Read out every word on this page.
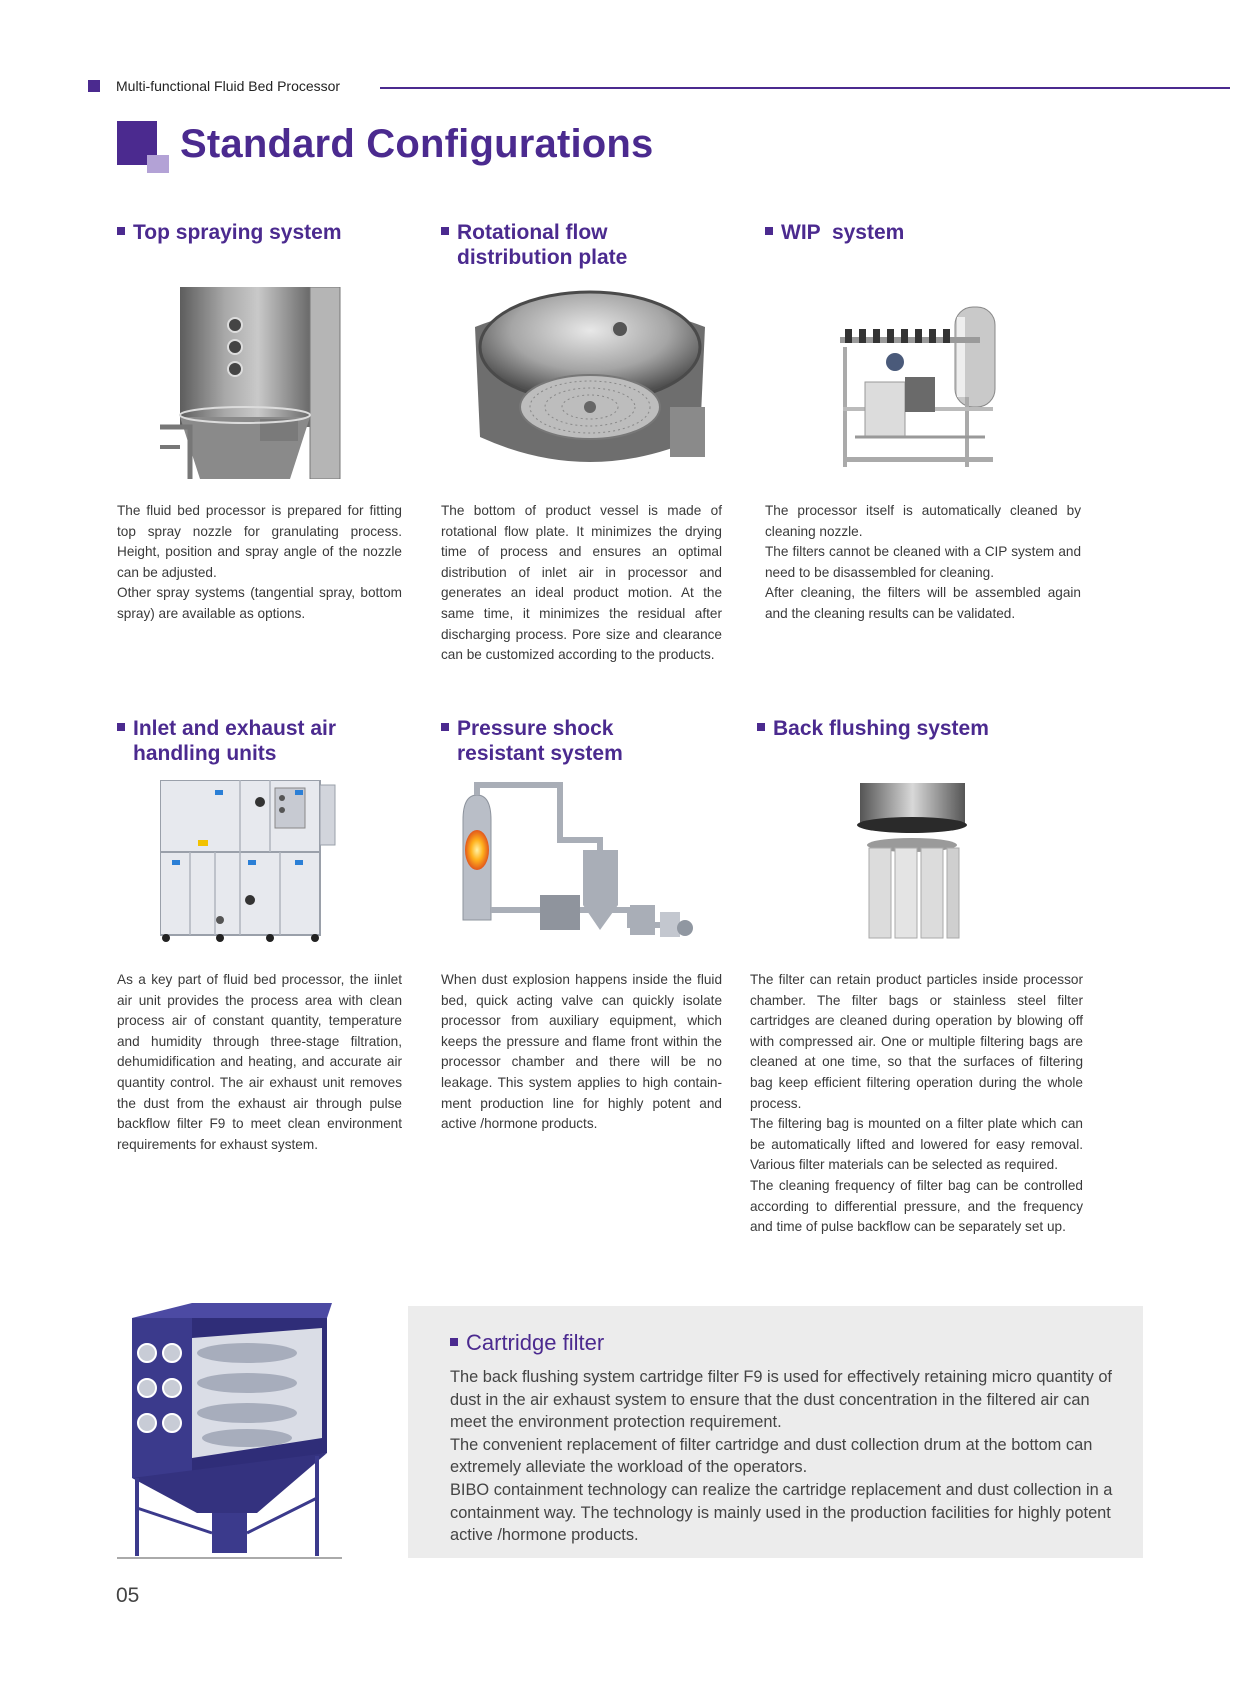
Multi-functional Fluid Bed Processor
Standard Configurations
Top spraying system

The fluid bed processor is prepared for fitting top spray nozzle for granulating process. Height, position and spray angle of the nozzle can be adjusted.

Other spray systems (tangential spray, bottom spray) are available as options.

Rotational flow
distribution plate

The bottom of product vessel is made of rotational flow plate. It minimizes the drying time of process and ensures an optimal distribution of inlet air in processor and generates an ideal product motion. At the same time, it minimizes the residual after discharging process. Pore size and clearance can be customized according to the products.

WIP  system

The processor itself is automatically cleaned by cleaning nozzle.

The filters cannot be cleaned with a CIP system and need to be disassembled for cleaning.

After cleaning, the filters will be assembled again and the cleaning results can be validated.

Inlet and exhaust air
handling units

As a key part of fluid bed processor, the iinlet air unit provides the process area with clean process air of constant quantity, temperature and humidity through three-stage filtration, dehumidification and heating, and accurate air quantity control. The air exhaust unit removes the dust from the exhaust air through pulse backflow filter F9 to meet clean environment requirements for exhaust system.

Pressure shock
resistant system

When dust explosion happens inside the fluid bed, quick acting valve can quickly isolate processor from auxiliary equipment, which keeps the pressure and flame front within the processor chamber and there will be no leakage. This system applies to high contain-ment production line for highly potent and active /hormone products.

Back flushing system

The filter can retain product particles inside processor chamber. The filter bags or stainless steel filter cartridges are cleaned during operation by blowing off with compressed air. One or multiple filtering bags are cleaned at one time, so that the surfaces of filtering bag keep efficient filtering operation during the whole process.

The filtering bag is mounted on a filter plate which can be automatically lifted and lowered for easy removal. Various filter materials can be selected as required.

The cleaning frequency of filter bag can be controlled according to differential pressure, and the frequency and time of pulse backflow can be separately set up.

Cartridge filter

The back flushing system cartridge filter F9 is used for effectively retaining micro quantity of dust in the air exhaust system to ensure that the dust concentration in the filtered air can meet the environment protection requirement.

The convenient replacement of filter cartridge and dust collection drum at the bottom can extremely alleviate the workload of the operators.

BIBO containment technology can realize the cartridge replacement and dust collection in a containment way. The technology is mainly used in the production facilities for highly potent active /hormone products.

05
